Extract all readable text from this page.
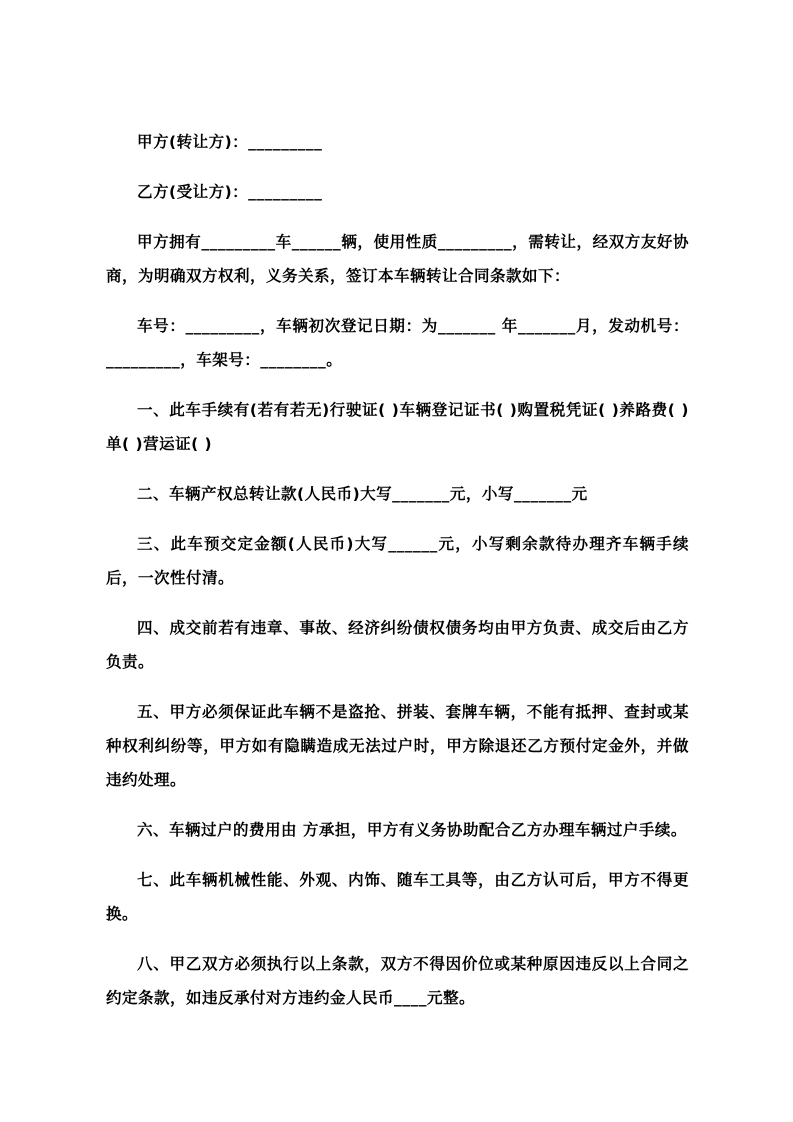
甲方(转让方)：_________

乙方(受让方)：_________

甲方拥有_________车______辆，使用性质_________，需转让，经双方友好协商，为明确双方权利，义务关系，签订本车辆转让合同条款如下：

车号：_________，车辆初次登记日期：为_______ 年_______月，发动机号：_________，车架号：________。

一、此车手续有(若有若无)行驶证( )车辆登记证书( )购置税凭证( )养路费( )单( )营运证( )

二、车辆产权总转让款(人民币)大写_______元，小写_______元

三、此车预交定金额(人民币)大写______元，小写剩余款待办理齐车辆手续后，一次性付清。

四、成交前若有违章、事故、经济纠纷债权债务均由甲方负责、成交后由乙方负责。

五、甲方必须保证此车辆不是盗抢、拼装、套牌车辆，不能有抵押、查封或某种权利纠纷等，甲方如有隐瞒造成无法过户时，甲方除退还乙方预付定金外，并做违约处理。

六、车辆过户的费用由 方承担，甲方有义务协助配合乙方办理车辆过户手续。

七、此车辆机械性能、外观、内饰、随车工具等，由乙方认可后，甲方不得更换。

八、甲乙双方必须执行以上条款，双方不得因价位或某种原因违反以上合同之约定条款，如违反承付对方违约金人民币____元整。
